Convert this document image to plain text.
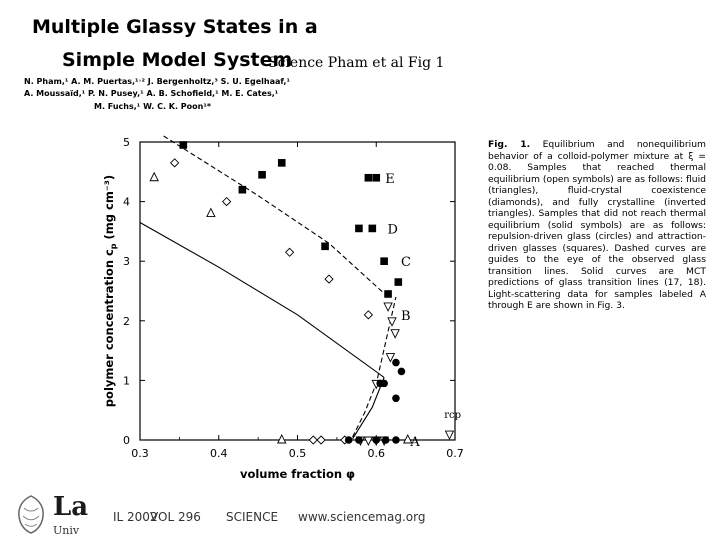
Multiple Glassy States in a
Simple Model System
Science Pham et al Fig 1
N. Pham,¹ A. M. Puertas,¹˒² J. Bergenholtz,³ S. U. Egelhaaf,¹
A. Moussaïd,¹ P. N. Pusey,¹ A. B. Schofield,¹ M. E. Cates,¹
M. Fuchs,¹ W. C. K. Poon¹*
0.3	0.4	0.5	0.6	0.7
0
1
2
3
4
5
volume fraction φ
polymer concentration $c_p$ (mg cm⁻³)	E
D
C
B
A
rcp
Fig. 1. Equilibrium and nonequilibrium behavior of a colloid-polymer mixture at ξ = 0.08. Samples that reached thermal equilibrium (open symbols) are as follows: fluid (triangles), fluid-crystal coexistence (diamonds), and fully crystalline (inverted triangles). Samples that did not reach thermal equilibrium (solid symbols) are as follows: repulsion-driven glass (circles) and attraction-driven glasses (squares). Dashed curves are guides to the eye of the observed glass transition lines. Solid curves are MCT predictions of glass transition lines (17, 18). Light-scattering data for samples labeled A through E are shown in Fig. 3.
La
Univ
IL 2002
VOL 296 SCIENCE www.sciencemag.org
